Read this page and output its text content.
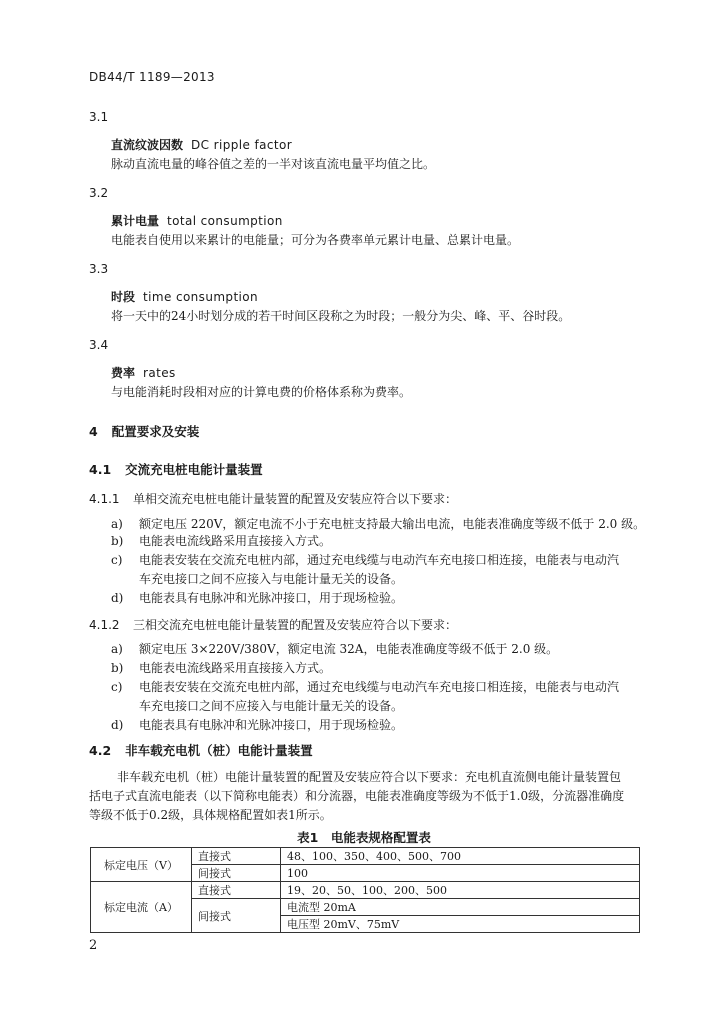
DB44/T 1189—2013
3.1
直流纹波因数 DC ripple factor
脉动直流电量的峰谷值之差的一半对该直流电量平均值之比。
3.2
累计电量 total consumption
电能表自使用以来累计的电能量；可分为各费率单元累计电量、总累计电量。
3.3
时段 time consumption
将一天中的24小时划分成的若干时间区段称之为时段；一般分为尖、峰、平、谷时段。
3.4
费率 rates
与电能消耗时段相对应的计算电费的价格体系称为费率。
4 配置要求及安装
4.1 交流充电桩电能计量装置
4.1.1 单相交流充电桩电能计量装置的配置及安装应符合以下要求：
a) 额定电压 220V，额定电流不小于充电桩支持最大输出电流，电能表准确度等级不低于 2.0 级。
b) 电能表电流线路采用直接接入方式。
c) 电能表安装在交流充电桩内部，通过充电线缆与电动汽车充电接口相连接，电能表与电动汽
车充电接口之间不应接入与电能计量无关的设备。
d) 电能表具有电脉冲和光脉冲接口，用于现场检验。
4.1.2 三相交流充电桩电能计量装置的配置及安装应符合以下要求：
a) 额定电压 3×220V/380V，额定电流 32A，电能表准确度等级不低于 2.0 级。
b) 电能表电流线路采用直接接入方式。
c) 电能表安装在交流充电桩内部，通过充电线缆与电动汽车充电接口相连接，电能表与电动汽
车充电接口之间不应接入与电能计量无关的设备。
d) 电能表具有电脉冲和光脉冲接口，用于现场检验。
4.2 非车载充电机（桩）电能计量装置
非车载充电机（桩）电能计量装置的配置及安装应符合以下要求：充电机直流侧电能计量装置包
括电子式直流电能表（以下简称电能表）和分流器，电能表准确度等级为不低于1.0级，分流器准确度
等级不低于0.2级，具体规格配置如表1所示。
表1　电能表规格配置表
标定电压（V）	直接式	48、100、350、400、500、700
	间接式	100
标定电流（A）	直接式	19、20、50、100、200、500
	间接式	电流型 20mA
		电压型 20mV、75mV
2
